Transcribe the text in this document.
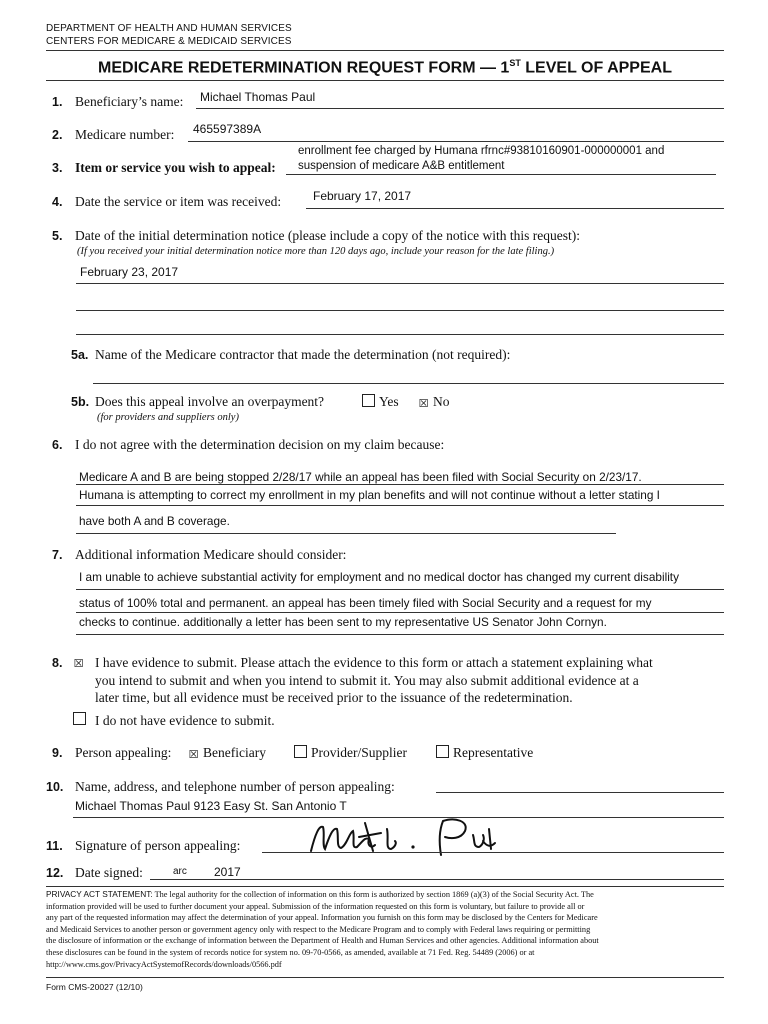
DEPARTMENT OF HEALTH AND HUMAN SERVICES
CENTERS FOR MEDICARE & MEDICAID SERVICES
MEDICARE REDETERMINATION REQUEST FORM — 1ST LEVEL OF APPEAL
1. Beneficiary’s name: Michael Thomas Paul
2. Medicare number: 465597389A
3. Item or service you wish to appeal:
enrollment fee charged by Humana rfrnc#93810160901-000000001 and
suspension of medicare A&B entitlement
4. Date the service or item was received:	February 17, 2017
5. Date of the initial determination notice (please include a copy of the notice with this request):
(If you received your initial determination notice more than 120 days ago, include your reason for the late filing.)
February 23, 2017
5a. Name of the Medicare contractor that made the determination (not required):
5b. Does this appeal involve an overpayment?	Yes ☒ No
(for providers and suppliers only)
6. I do not agree with the determination decision on my claim because:
Medicare A and B are being stopped 2/28/17 while an appeal has been filed with Social Security on 2/23/17.
Humana is attempting to correct my enrollment in my plan benefits and will not continue without a letter stating I
have both A and B coverage.
7. Additional information Medicare should consider:
I am unable to achieve substantial activity for employment and no medical doctor has changed my current disability
status of 100% total and permanent. an appeal has been timely filed with Social Security and a request for my
checks to continue. additionally a letter has been sent to my representative US Senator John Cornyn.
8. ☒ I have evidence to submit. Please attach the evidence to this form or attach a statement explaining what
you intend to submit and when you intend to submit it. You may also submit additional evidence at a
later time, but all evidence must be received prior to the issuance of the redetermination.
I do not have evidence to submit.
9. Person appealing: ☒ Beneficiary	Provider/Supplier	Representative
10. Name, address, and telephone number of person appealing:
Michael Thomas Paul 9123 Easy St. San Antonio T
11. Signature of person appealing:
12. Date signed:	arc 2017
PRIVACY ACT STATEMENT: The legal authority for the collection of information on this form is authorized by section 1869 (a)(3) of the Social Security Act. The
information provided will be used to further document your appeal. Submission of the information requested on this form is voluntary, but failure to provide all or
any part of the requested information may affect the determination of your appeal. Information you furnish on this form may be disclosed by the Centers for Medicare
and Medicaid Services to another person or government agency only with respect to the Medicare Program and to comply with Federal laws requiring or permitting
the disclosure of information or the exchange of information between the Department of Health and Human Services and other agencies. Additional information about
these disclosures can be found in the system of records notice for system no. 09-70-0566, as amended, available at 71 Fed. Reg. 54489 (2006) or at
http://www.cms.gov/PrivacyActSystemofRecords/downloads/0566.pdf
Form CMS-20027 (12/10)
